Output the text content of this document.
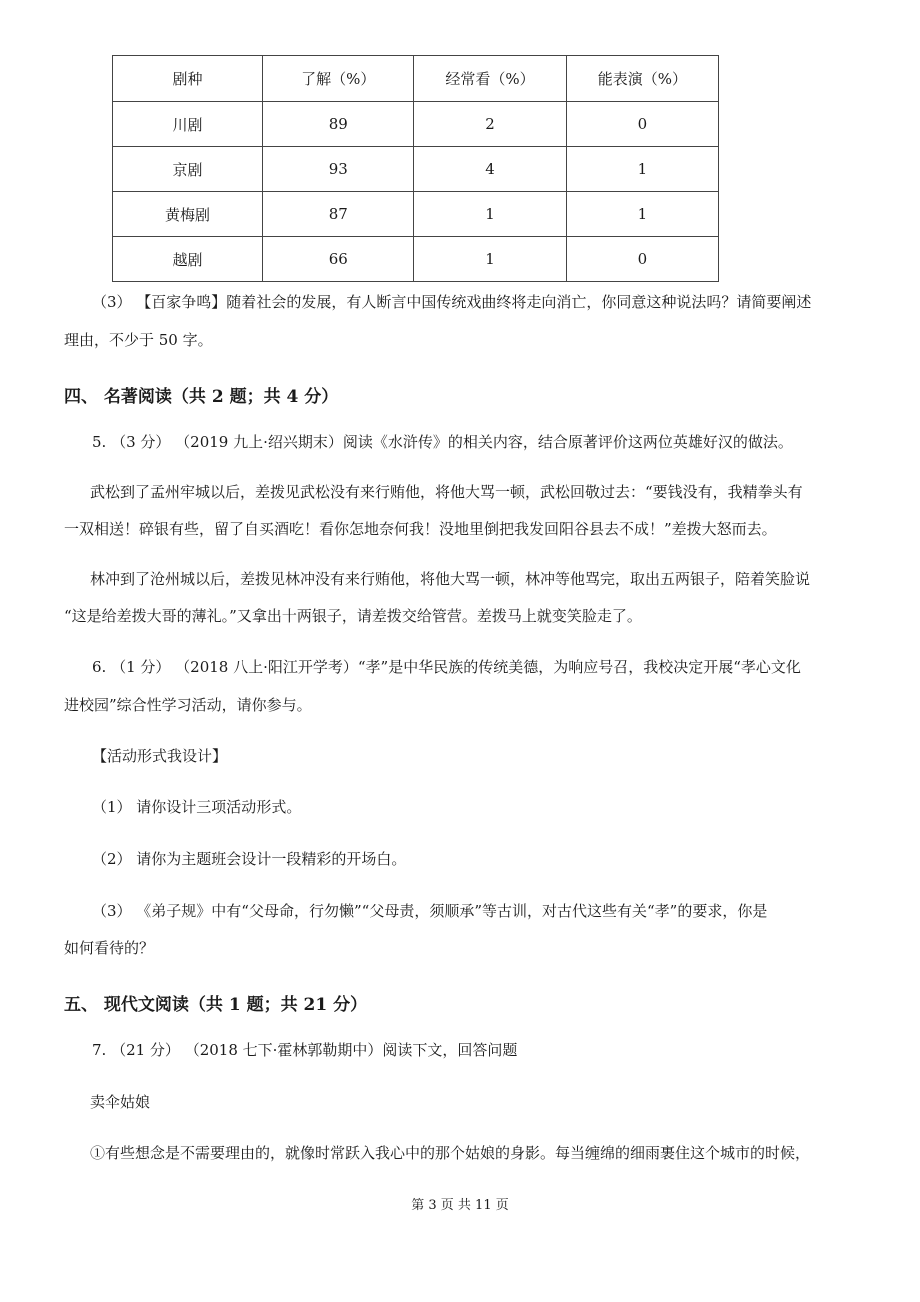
剧种	了解（%）	经常看（%）	能表演（%）
川剧	89	2	0
京剧	93	4	1
黄梅剧	87	1	1
越剧	66	1	0
（3） 【百家争鸣】随着社会的发展，有人断言中国传统戏曲终将走向消亡，你同意这种说法吗？请简要阐述
理由，不少于 50 字。
四、 名著阅读（共 2 题；共 4 分）
5. （3 分） （2019 九上·绍兴期末）阅读《水浒传》的相关内容，结合原著评价这两位英雄好汉的做法。
武松到了孟州牢城以后，差拨见武松没有来行贿他，将他大骂一顿，武松回敬过去：“要钱没有，我精拳头有
一双相送！碎银有些，留了自买酒吃！看你怎地奈何我！没地里倒把我发回阳谷县去不成！”差拨大怒而去。
林冲到了沧州城以后，差拨见林冲没有来行贿他，将他大骂一顿，林冲等他骂完，取出五两银子，陪着笑脸说
“这是给差拨大哥的薄礼。”又拿出十两银子，请差拨交给管营。差拨马上就变笑脸走了。
6. （1 分） （2018 八上·阳江开学考）“孝”是中华民族的传统美德，为响应号召，我校决定开展“孝心文化
进校园”综合性学习活动，请你参与。
【活动形式我设计】
（1） 请你设计三项活动形式。
（2） 请你为主题班会设计一段精彩的开场白。
（3） 《弟子规》中有“父母命，行勿懒”“父母责，须顺承”等古训，对古代这些有关“孝”的要求，你是
如何看待的？
五、 现代文阅读（共 1 题；共 21 分）
7. （21 分） （2018 七下·霍林郭勒期中）阅读下文，回答问题
卖伞姑娘
①有些想念是不需要理由的，就像时常跃入我心中的那个姑娘的身影。每当缠绵的细雨裹住这个城市的时候，
第 3 页 共 11 页
